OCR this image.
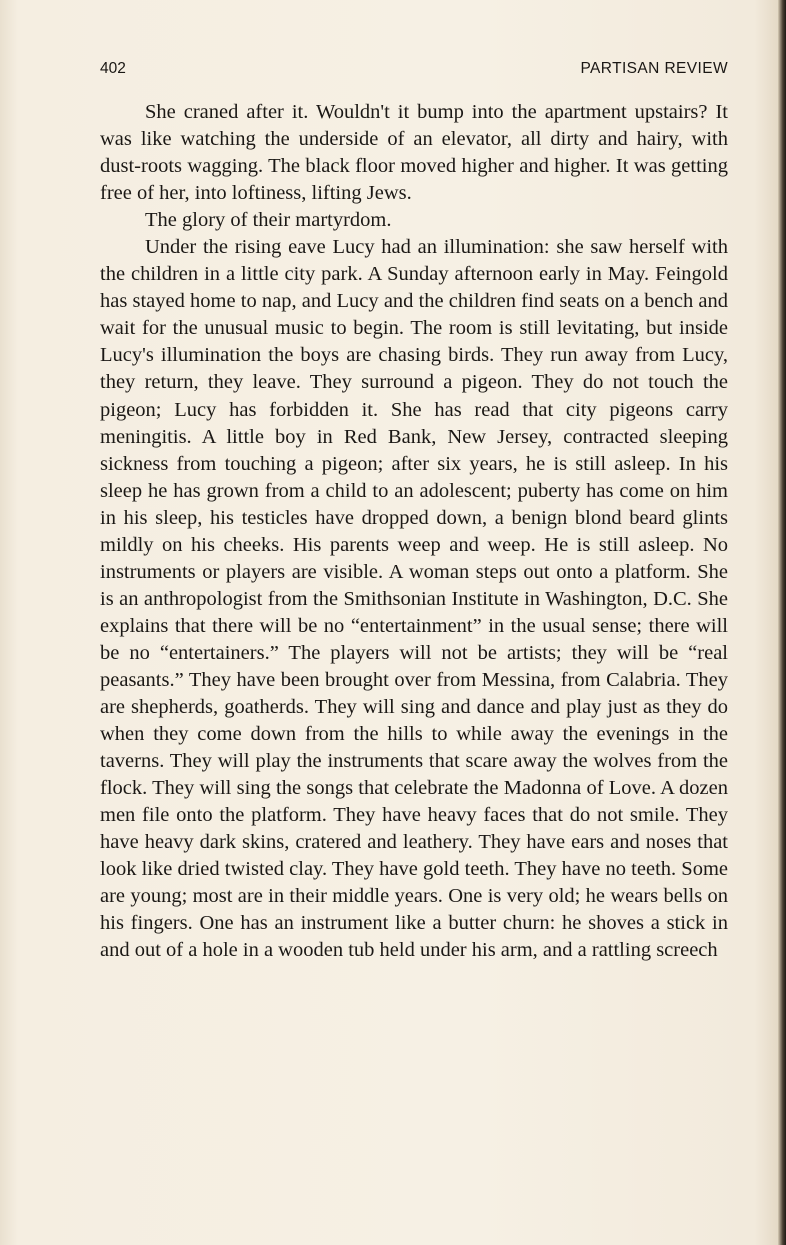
402	PARTISAN REVIEW

She craned after it. Wouldn't it bump into the apartment upstairs? It was like watching the underside of an elevator, all dirty and hairy, with dust-roots wagging. The black floor moved higher and higher. It was getting free of her, into loftiness, lifting Jews.

The glory of their martyrdom.

Under the rising eave Lucy had an illumination: she saw herself with the children in a little city park. A Sunday afternoon early in May. Feingold has stayed home to nap, and Lucy and the children find seats on a bench and wait for the unusual music to begin. The room is still levitating, but inside Lucy's illumination the boys are chasing birds. They run away from Lucy, they return, they leave. They surround a pigeon. They do not touch the pigeon; Lucy has forbidden it. She has read that city pigeons carry meningitis. A little boy in Red Bank, New Jersey, contracted sleeping sickness from touching a pigeon; after six years, he is still asleep. In his sleep he has grown from a child to an adolescent; puberty has come on him in his sleep, his testicles have dropped down, a benign blond beard glints mildly on his cheeks. His parents weep and weep. He is still asleep. No instruments or players are visible. A woman steps out onto a platform. She is an anthropologist from the Smithsonian Institute in Washington, D.C. She explains that there will be no “entertainment” in the usual sense; there will be no “entertainers.” The players will not be artists; they will be “real peasants.” They have been brought over from Messina, from Calabria. They are shepherds, goatherds. They will sing and dance and play just as they do when they come down from the hills to while away the evenings in the taverns. They will play the instruments that scare away the wolves from the flock. They will sing the songs that celebrate the Madonna of Love. A dozen men file onto the platform. They have heavy faces that do not smile. They have heavy dark skins, cratered and leathery. They have ears and noses that look like dried twisted clay. They have gold teeth. They have no teeth. Some are young; most are in their middle years. One is very old; he wears bells on his fingers. One has an instrument like a butter churn: he shoves a stick in and out of a hole in a wooden tub held under his arm, and a rattling screech
